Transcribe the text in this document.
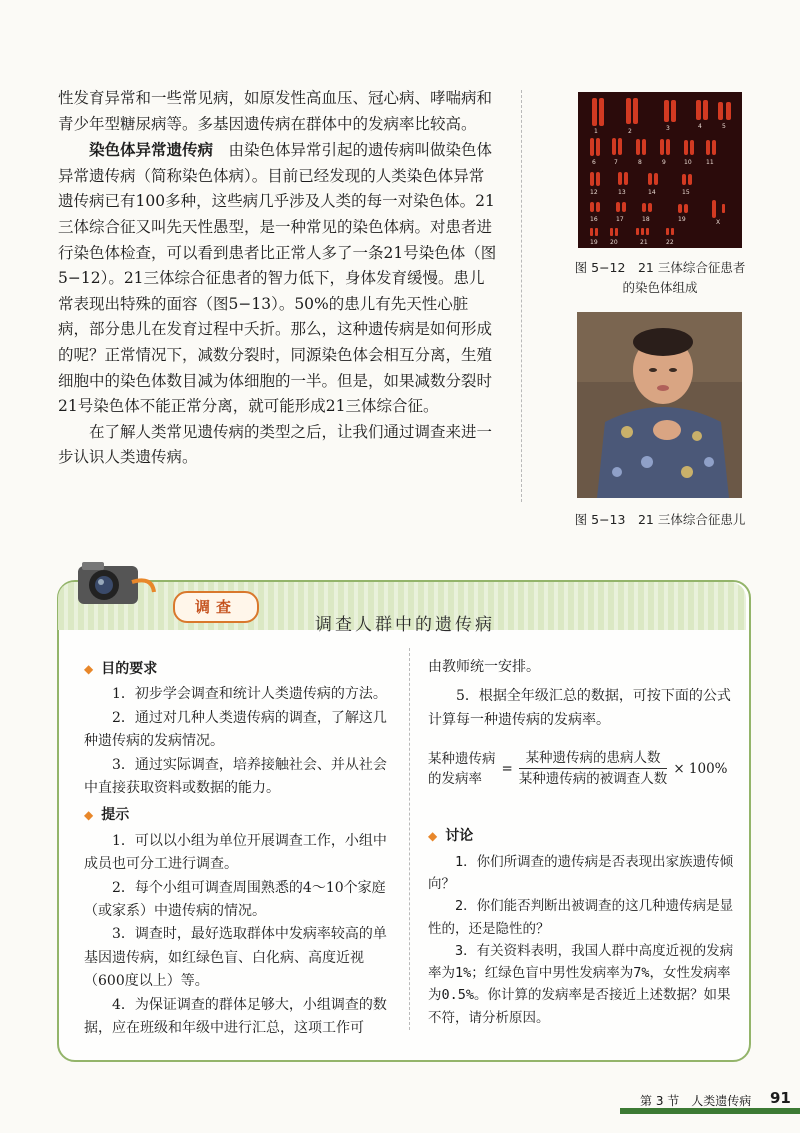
性发育异常和一些常见病，如原发性高血压、冠心病、哮喘病和青少年型糖尿病等。多基因遗传病在群体中的发病率比较高。

染色体异常遗传病　 由染色体异常引起的遗传病叫做染色体异常遗传病（简称染色体病）。目前已经发现的人类染色体异常遗传病已有100多种，这些病几乎涉及人类的每一对染色体。21三体综合征又叫先天性愚型，是一种常见的染色体病。对患者进行染色体检查，可以看到患者比正常人多了一条21号染色体（图5−12）。21三体综合征患者的智力低下，身体发育缓慢。患儿常表现出特殊的面容（图5−13）。50%的患儿有先天性心脏病，部分患儿在发育过程中夭折。那么，这种遗传病是如何形成的呢？正常情况下，减数分裂时，同源染色体会相互分离，生殖细胞中的染色体数目减为体细胞的一半。但是，如果减数分裂时21号染色体不能正常分离，就可能形成21三体综合征。

在了解人类常见遗传病的类型之后，让我们通过调查来进一步认识人类遗传病。

1	2	3	4	5
6	7	8	9	10 11
12	13	14	15
16	17	18	19	X
19 20	21	22
图 5−12　21 三体综合征患者
的染色体组成
图 5−13　21 三体综合征患儿
调查
调查人群中的遗传病
◆ 目的要求

1．初步学会调查和统计人类遗传病的方法。

2．通过对几种人类遗传病的调查，了解这几种遗传病的发病情况。

3．通过实际调查，培养接触社会、并从社会中直接获取资料或数据的能力。

◆ 提示

1．可以以小组为单位开展调查工作，小组中成员也可分工进行调查。

2．每个小组可调查周围熟悉的4～10个家庭（或家系）中遗传病的情况。

3．调查时，最好选取群体中发病率较高的单基因遗传病，如红绿色盲、白化病、高度近视（600度以上）等。

4．为保证调查的群体足够大，小组调查的数据，应在班级和年级中进行汇总，这项工作可

由教师统一安排。

5．根据全年级汇总的数据，可按下面的公式计算每一种遗传病的发病率。

某种遗传病
的发病率
= $\frac{\text{某种遗传病的患病人数}}{\text{某种遗传病的被调查人数}} \times 100\%$
◆ 讨论

1．你们所调查的遗传病是否表现出家族遗传倾向？

2．你们能否判断出被调查的这几种遗传病是显性的，还是隐性的？

3．有关资料表明，我国人群中高度近视的发病率为1%；红绿色盲中男性发病率为7%，女性发病率为0.5%。你计算的发病率是否接近上述数据？如果不符，请分析原因。

第 3 节　人类遗传病 91
